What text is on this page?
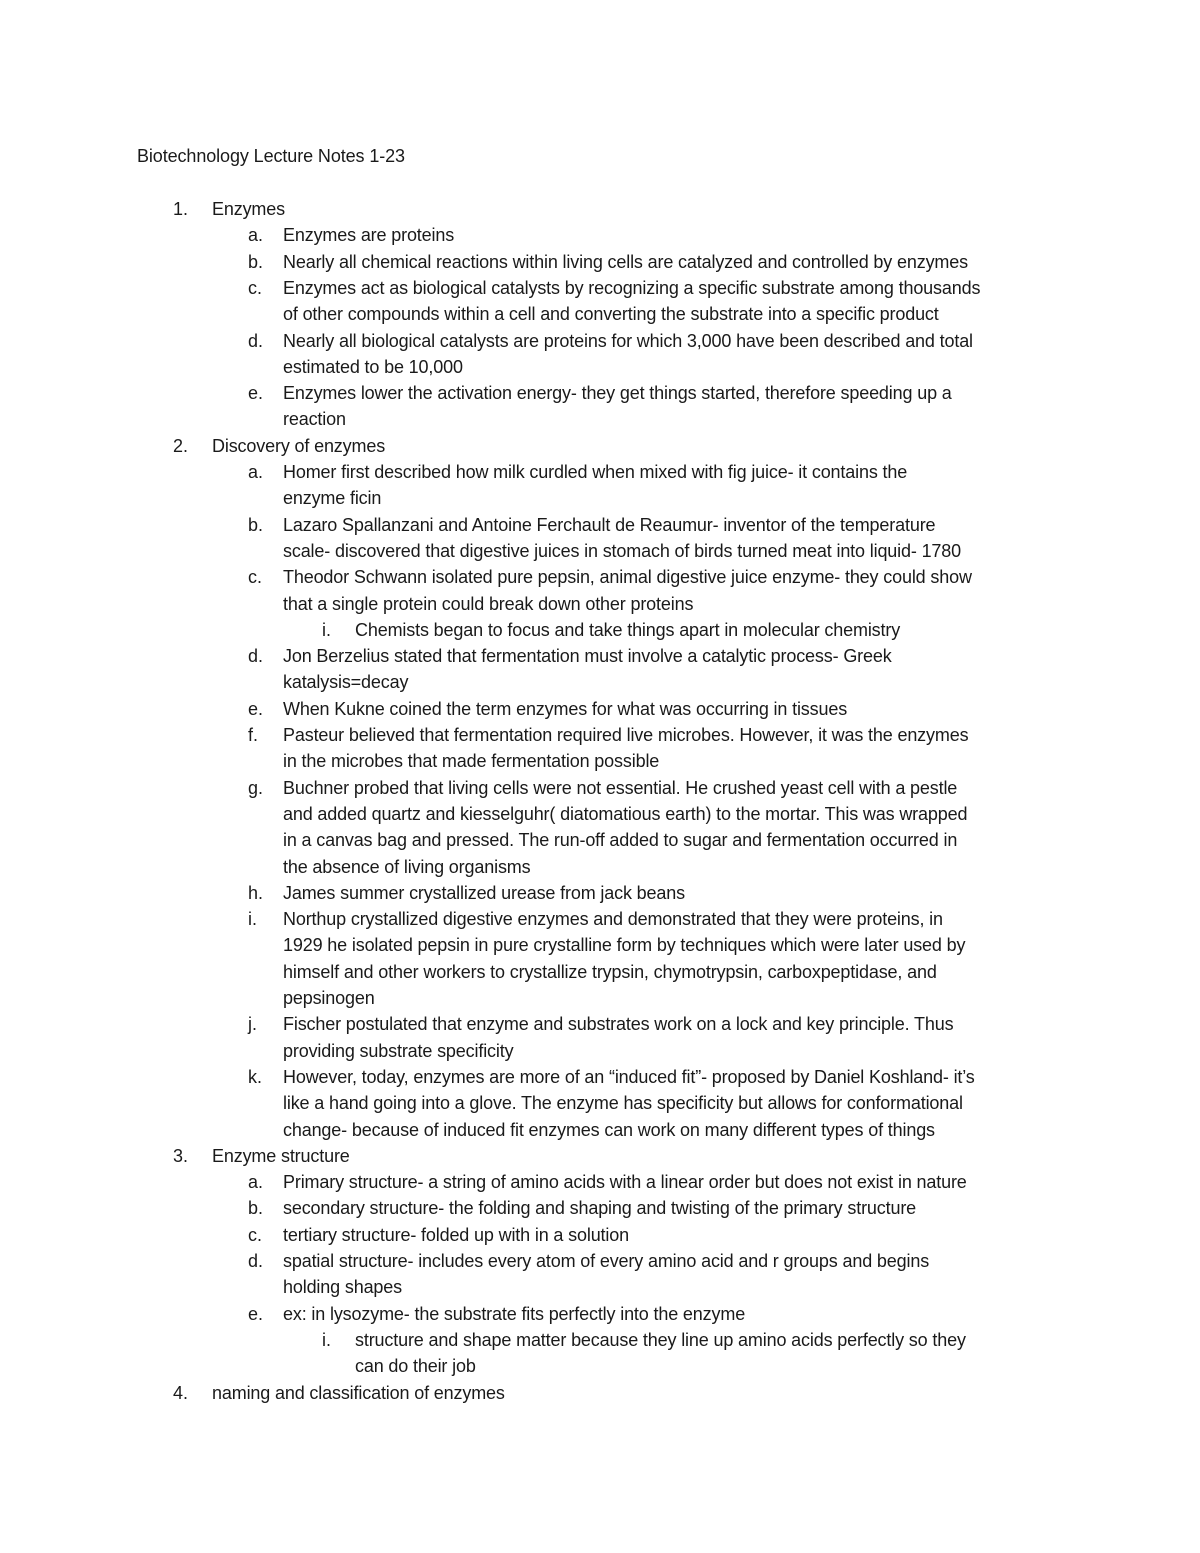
Biotechnology Lecture Notes 1-23
1. Enzymes
a. Enzymes are proteins
b. Nearly all chemical reactions within living cells are catalyzed and controlled by enzymes
c. Enzymes act as biological catalysts by recognizing a specific substrate among thousands
of other compounds within a cell and converting the substrate into a specific product
d. Nearly all biological catalysts are proteins for which 3,000 have been described and total
estimated to be 10,000
e. Enzymes lower the activation energy- they get things started, therefore speeding up a
reaction
2. Discovery of enzymes
a. Homer first described how milk curdled when mixed with fig juice- it contains the
enzyme ficin
b. Lazaro Spallanzani and Antoine Ferchault de Reaumur- inventor of the temperature
scale- discovered that digestive juices in stomach of birds turned meat into liquid- 1780
c. Theodor Schwann isolated pure pepsin, animal digestive juice enzyme- they could show
that a single protein could break down other proteins
i. Chemists began to focus and take things apart in molecular chemistry
d. Jon Berzelius stated that fermentation must involve a catalytic process- Greek
katalysis=decay
e. When Kukne coined the term enzymes for what was occurring in tissues
f. Pasteur believed that fermentation required live microbes. However, it was the enzymes
in the microbes that made fermentation possible
g. Buchner probed that living cells were not essential. He crushed yeast cell with a pestle
and added quartz and kiesselguhr( diatomatious earth) to the mortar. This was wrapped
in a canvas bag and pressed. The run-off added to sugar and fermentation occurred in
the absence of living organisms
h. James summer crystallized urease from jack beans
i. Northup crystallized digestive enzymes and demonstrated that they were proteins, in
1929 he isolated pepsin in pure crystalline form by techniques which were later used by
himself and other workers to crystallize trypsin, chymotrypsin, carboxpeptidase, and
pepsinogen
j. Fischer postulated that enzyme and substrates work on a lock and key principle. Thus
providing substrate specificity
k. However, today, enzymes are more of an “induced fit”- proposed by Daniel Koshland- it’s
like a hand going into a glove. The enzyme has specificity but allows for conformational
change- because of induced fit enzymes can work on many different types of things
3. Enzyme structure
a. Primary structure- a string of amino acids with a linear order but does not exist in nature
b. secondary structure- the folding and shaping and twisting of the primary structure
c. tertiary structure- folded up with in a solution
d. spatial structure- includes every atom of every amino acid and r groups and begins
holding shapes
e. ex: in lysozyme- the substrate fits perfectly into the enzyme
i. structure and shape matter because they line up amino acids perfectly so they
can do their job
4. naming and classification of enzymes
